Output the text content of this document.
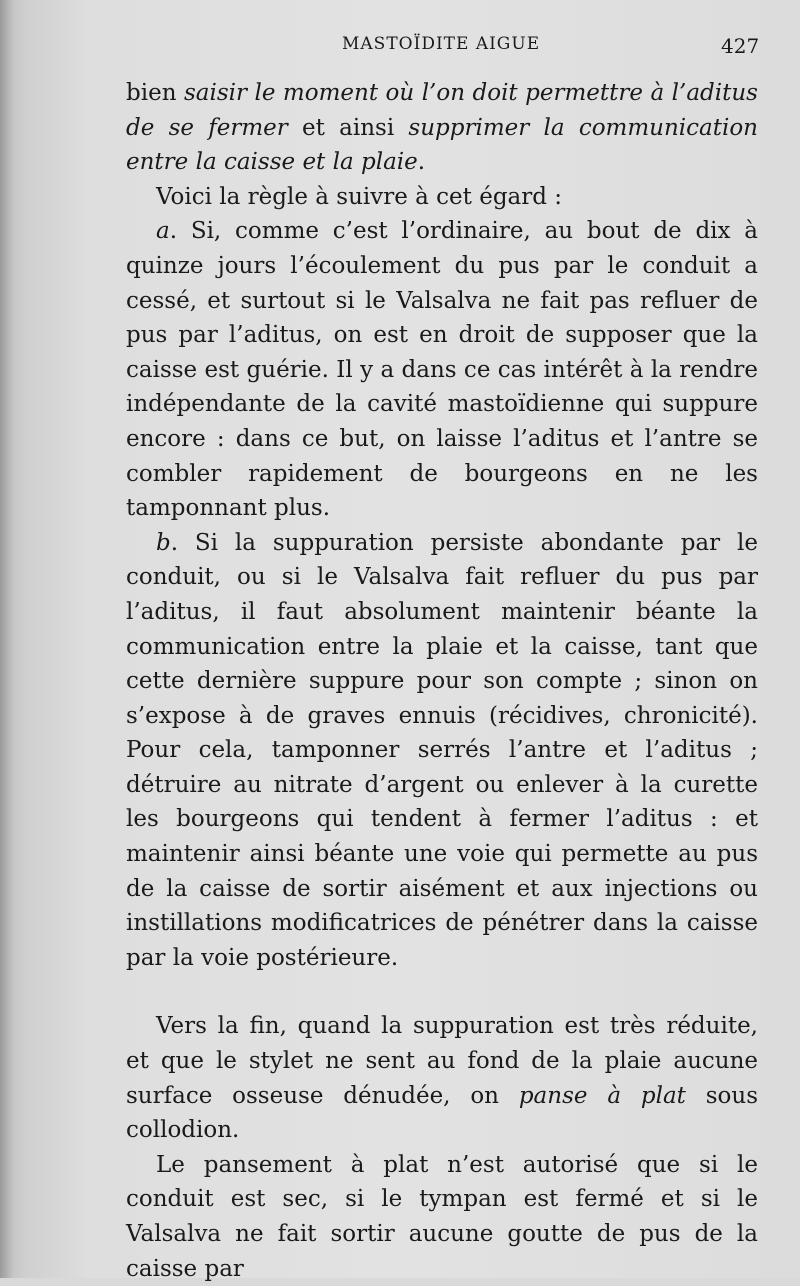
MASTOÏDITE AIGUE	427

bien saisir le moment où l’on doit permettre à l’aditus de se fermer et ainsi supprimer la communication entre la caisse et la plaie.

Voici la règle à suivre à cet égard :

a. Si, comme c’est l’ordinaire, au bout de dix à quinze jours l’écoulement du pus par le conduit a cessé, et surtout si le Valsalva ne fait pas refluer de pus par l’aditus, on est en droit de supposer que la caisse est guérie. Il y a dans ce cas intérêt à la rendre indépendante de la cavité mastoïdienne qui suppure encore : dans ce but, on laisse l’aditus et l’antre se combler rapidement de bourgeons en ne les tamponnant plus.

b. Si la suppuration persiste abondante par le conduit, ou si le Valsalva fait refluer du pus par l’aditus, il faut absolument maintenir béante la communication entre la plaie et la caisse, tant que cette dernière suppure pour son compte ; sinon on s’expose à de graves ennuis (récidives, chronicité). Pour cela, tamponner serrés l’antre et l’aditus ; détruire au nitrate d’argent ou enlever à la curette les bourgeons qui tendent à fermer l’aditus : et maintenir ainsi béante une voie qui permette au pus de la caisse de sortir aisément et aux injections ou instillations modificatrices de pénétrer dans la caisse par la voie postérieure.

Vers la fin, quand la suppuration est très réduite, et que le stylet ne sent au fond de la plaie aucune surface osseuse dénudée, on panse à plat sous collodion.

Le pansement à plat n’est autorisé que si le conduit est sec, si le tympan est fermé et si le Valsalva ne fait sortir aucune goutte de pus de la caisse par
